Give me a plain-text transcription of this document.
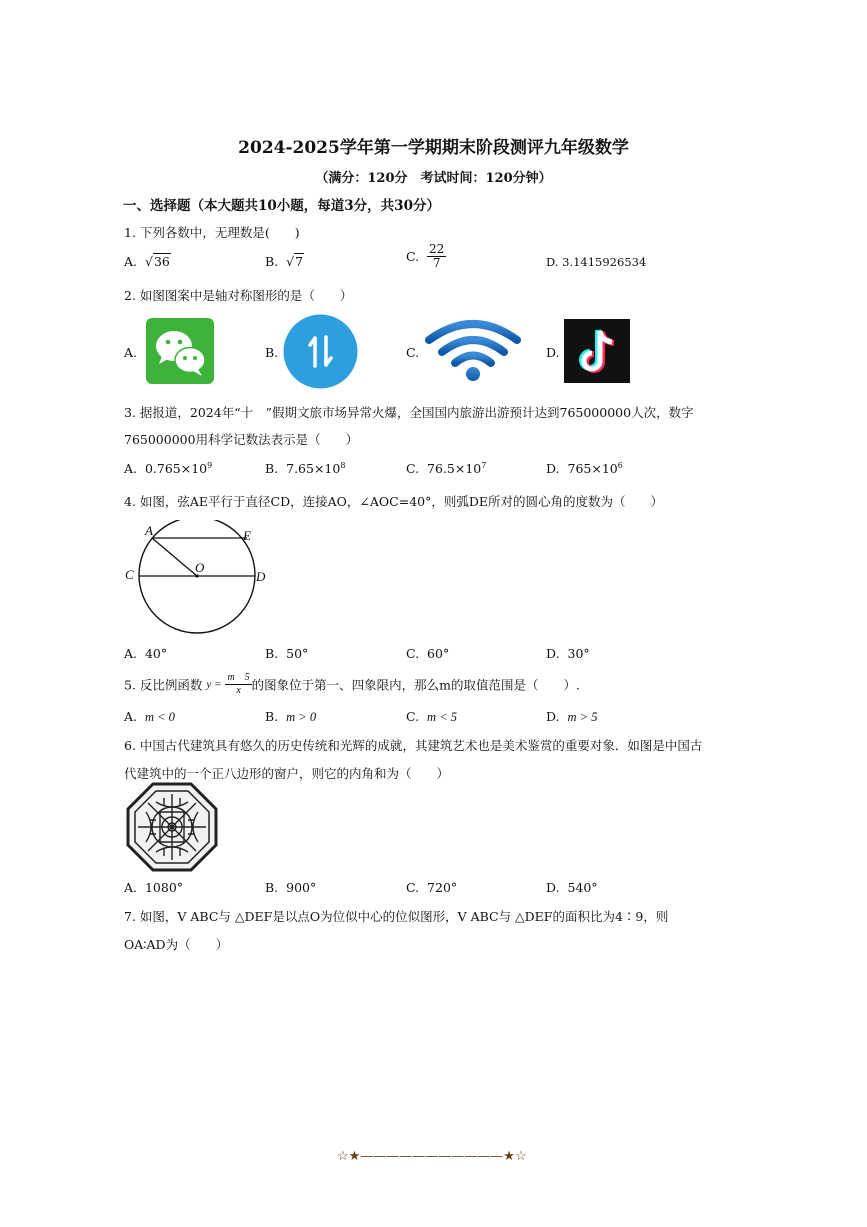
2024-2025学年第一学期期末阶段测评九年级数学
（满分：120分　考试时间：120分钟）
一、选择题（本大题共10小题，每道3分，共30分）
1. 下列各数中，无理数是(　　)
A. √36	B. √7	C. $\frac{22}{7}$	D. 3.1415926534
2. 如图图案中是轴对称图形的是（　　）
A.	B.	C.	D.
3. 据报道，2024年“十　”假期文旅市场异常火爆，全国国内旅游出游预计达到765000000人次，数字
765000000用科学记数法表示是（　　）
A. $0.765\times 10^9$	B. $7.65\times 10^8$	C. $76.5\times 10^7$	D. $765\times 10^6$
4. 如图，弦AE平行于直径CD，连接AO，∠AOC=40°，则弧DE所对的圆心角的度数为（　　）
A	E
O
C	D
A. 40°	B. 50°	C. 60°	D. 30°
5. 反比例函数 $y = \frac{m 5}{x}$ 的图象位于第一、四象限内，那么m的取值范围是（　　）.
A. m < 0	B. m > 0	C. m < 5	D. m > 5
6. 中国古代建筑具有悠久的历史传统和光辉的成就，其建筑艺术也是美术鉴赏的重要对象．如图是中国古
代建筑中的一个正八边形的窗户，则它的内角和为（　　）
A. 1080°	B. 900°	C. 720°	D. 540°
7. 如图，V ABC与 △DEF是以点O为位似中心的位似图形，V ABC与 △DEF的面积比为4∶9，则
OA∶AD为（　　）
☆★———————————★☆
